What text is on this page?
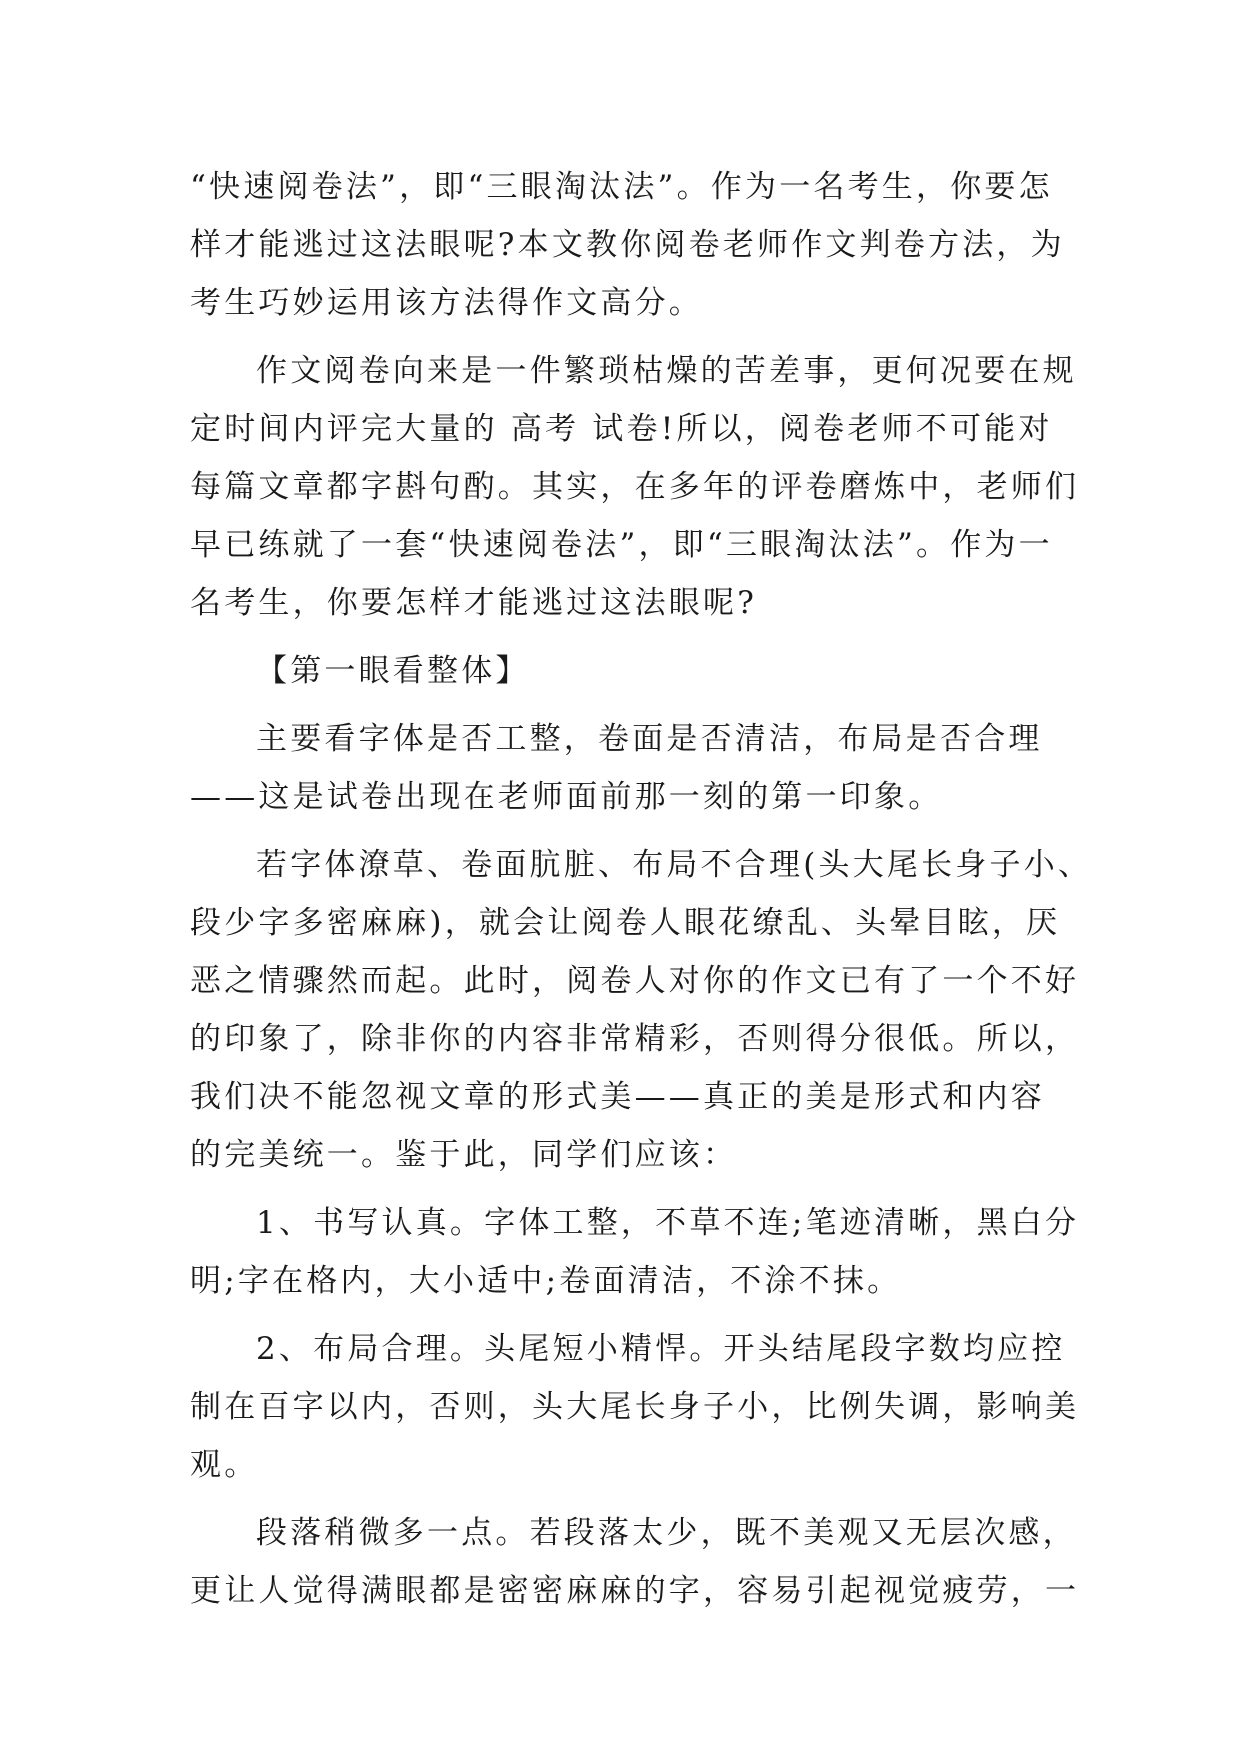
“快速阅卷法”，即“三眼淘汰法”。作为一名考生，你要怎
样才能逃过这法眼呢?本文教你阅卷老师作文判卷方法，为
考生巧妙运用该方法得作文高分。
作文阅卷向来是一件繁琐枯燥的苦差事，更何况要在规
定时间内评完大量的 高考 试卷!所以，阅卷老师不可能对
每篇文章都字斟句酌。其实，在多年的评卷磨炼中，老师们
早已练就了一套“快速阅卷法”，即“三眼淘汰法”。作为一
名考生，你要怎样才能逃过这法眼呢?
【第一眼看整体】
主要看字体是否工整，卷面是否清洁，布局是否合理
——这是试卷出现在老师面前那一刻的第一印象。
若字体潦草、卷面肮脏、布局不合理(头大尾长身子小、
段少字多密麻麻)，就会让阅卷人眼花缭乱、头晕目眩，厌
恶之情骤然而起。此时，阅卷人对你的作文已有了一个不好
的印象了，除非你的内容非常精彩，否则得分很低。所以，
我们决不能忽视文章的形式美——真正的美是形式和内容
的完美统一。鉴于此，同学们应该：
1、书写认真。字体工整，不草不连;笔迹清晰，黑白分
明;字在格内，大小适中;卷面清洁，不涂不抹。
2、布局合理。头尾短小精悍。开头结尾段字数均应控
制在百字以内，否则，头大尾长身子小，比例失调，影响美
观。
段落稍微多一点。若段落太少，既不美观又无层次感，
更让人觉得满眼都是密密麻麻的字，容易引起视觉疲劳，一
